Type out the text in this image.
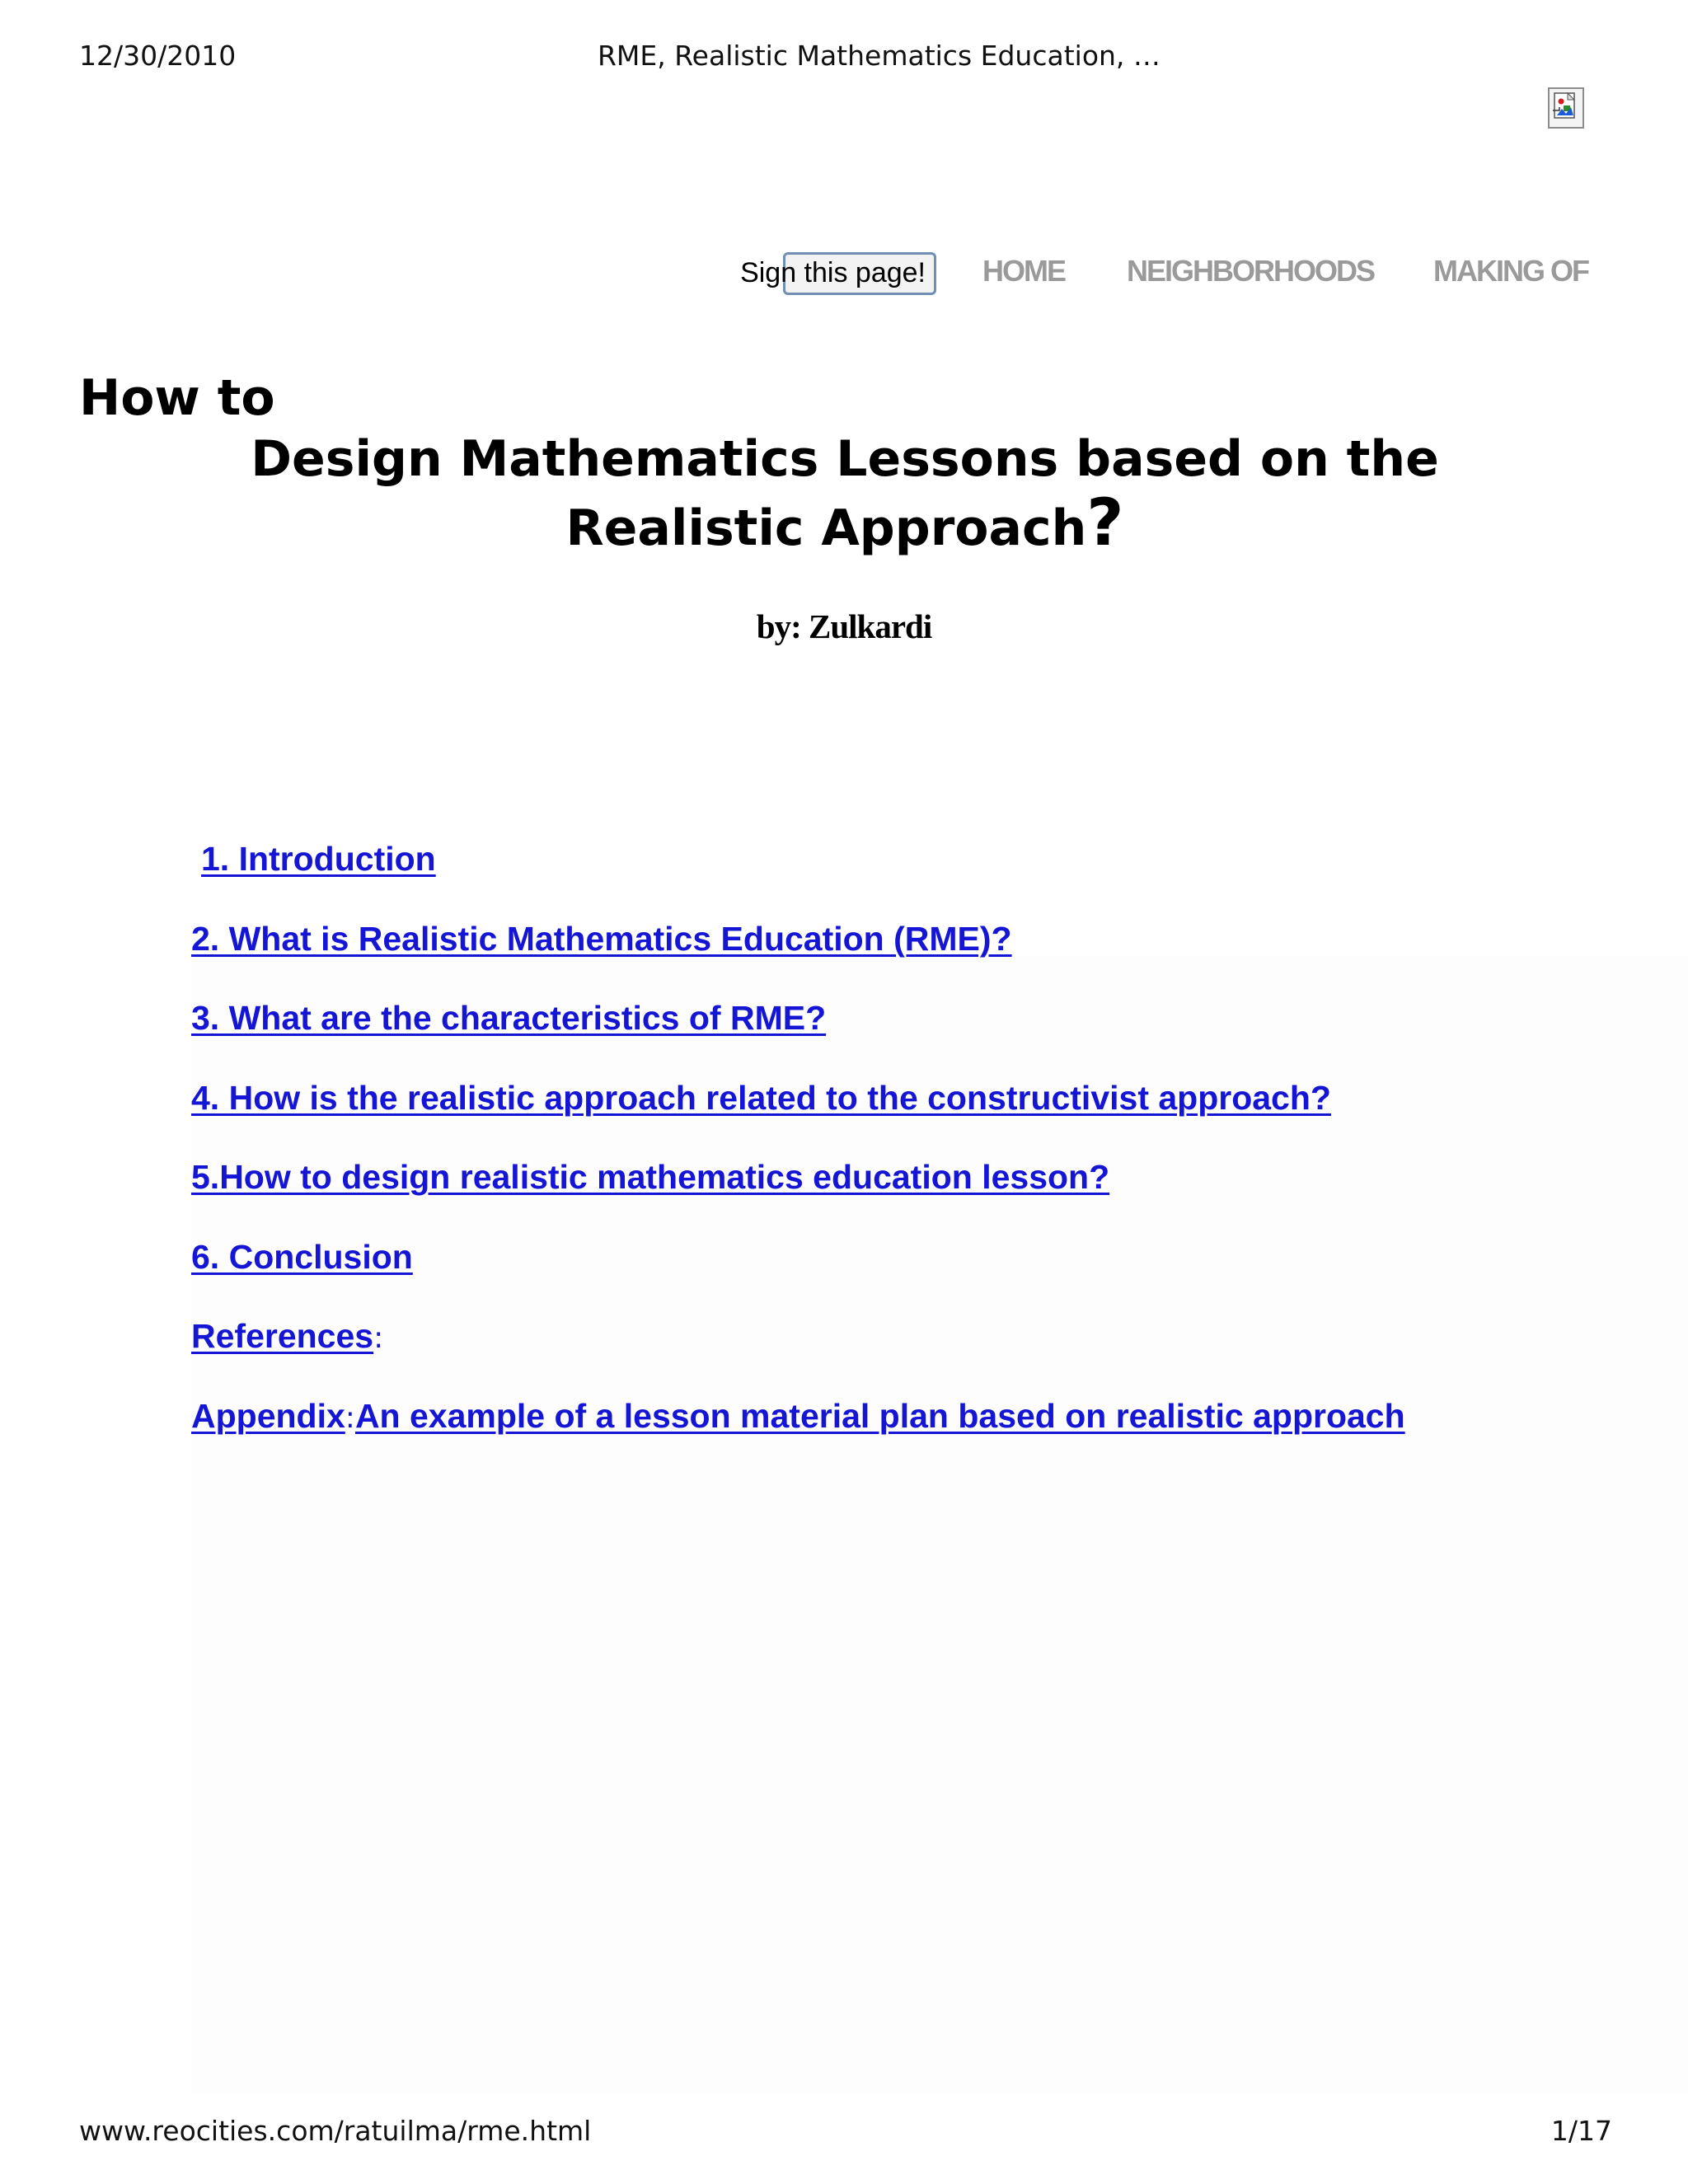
12/30/2010	RME, Realistic Mathematics Education, …
Sign this page!	HOME NEIGHBORHOODS MAKING OF
How to
Design Mathematics Lessons based on the Realistic Approach?
by: Zulkardi
1. Introduction
2. What is Realistic Mathematics Education (RME)?
3. What are the characteristics of RME?
4. How is the realistic approach related to the constructivist approach?
5.How to design realistic mathematics education lesson?
6. Conclusion
References:
Appendix:An example of a lesson material plan based on realistic approach
www.reocities.com/ratuilma/rme.html	1/17
